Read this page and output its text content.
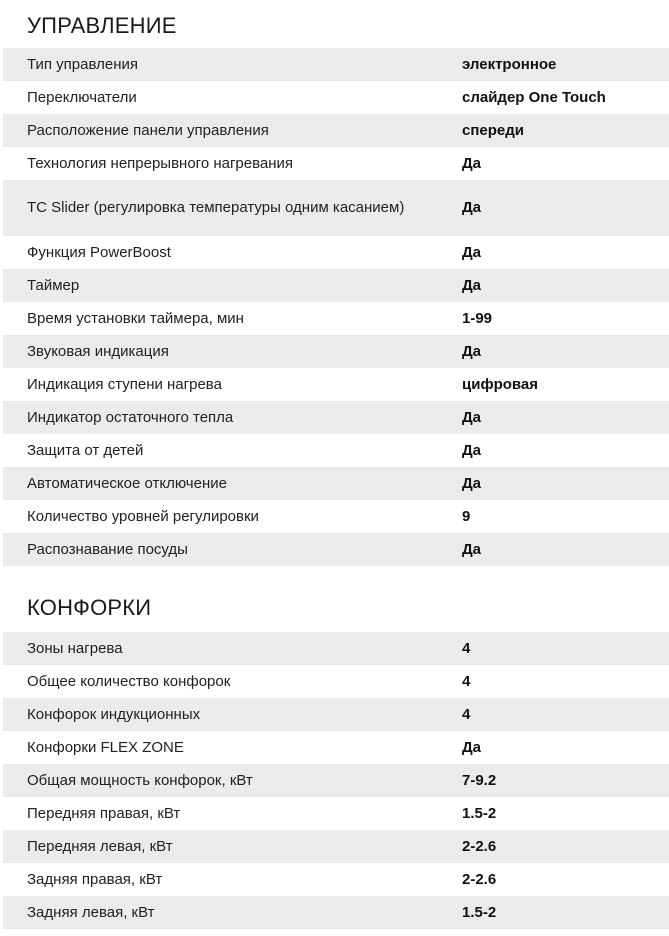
УПРАВЛЕНИЕ
Тип управления	электронное
Переключатели	слайдер One Touch
Расположение панели управления	спереди
Технология непрерывного нагревания	Да
TC Slider (регулировка температуры одним касанием)	Да
Функция PowerBoost	Да
Таймер	Да
Время установки таймера, мин	1-99
Звуковая индикация	Да
Индикация ступени нагрева	цифровая
Индикатор остаточного тепла	Да
Защита от детей	Да
Автоматическое отключение	Да
Количество уровней регулировки	9
Распознавание посуды	Да
КОНФОРКИ
Зоны нагрева	4
Общее количество конфорок	4
Конфорок индукционных	4
Конфорки FLEX ZONE	Да
Общая мощность конфорок, кВт	7-9.2
Передняя правая, кВт	1.5-2
Передняя левая, кВт	2-2.6
Задняя правая, кВт	2-2.6
Задняя левая, кВт	1.5-2
